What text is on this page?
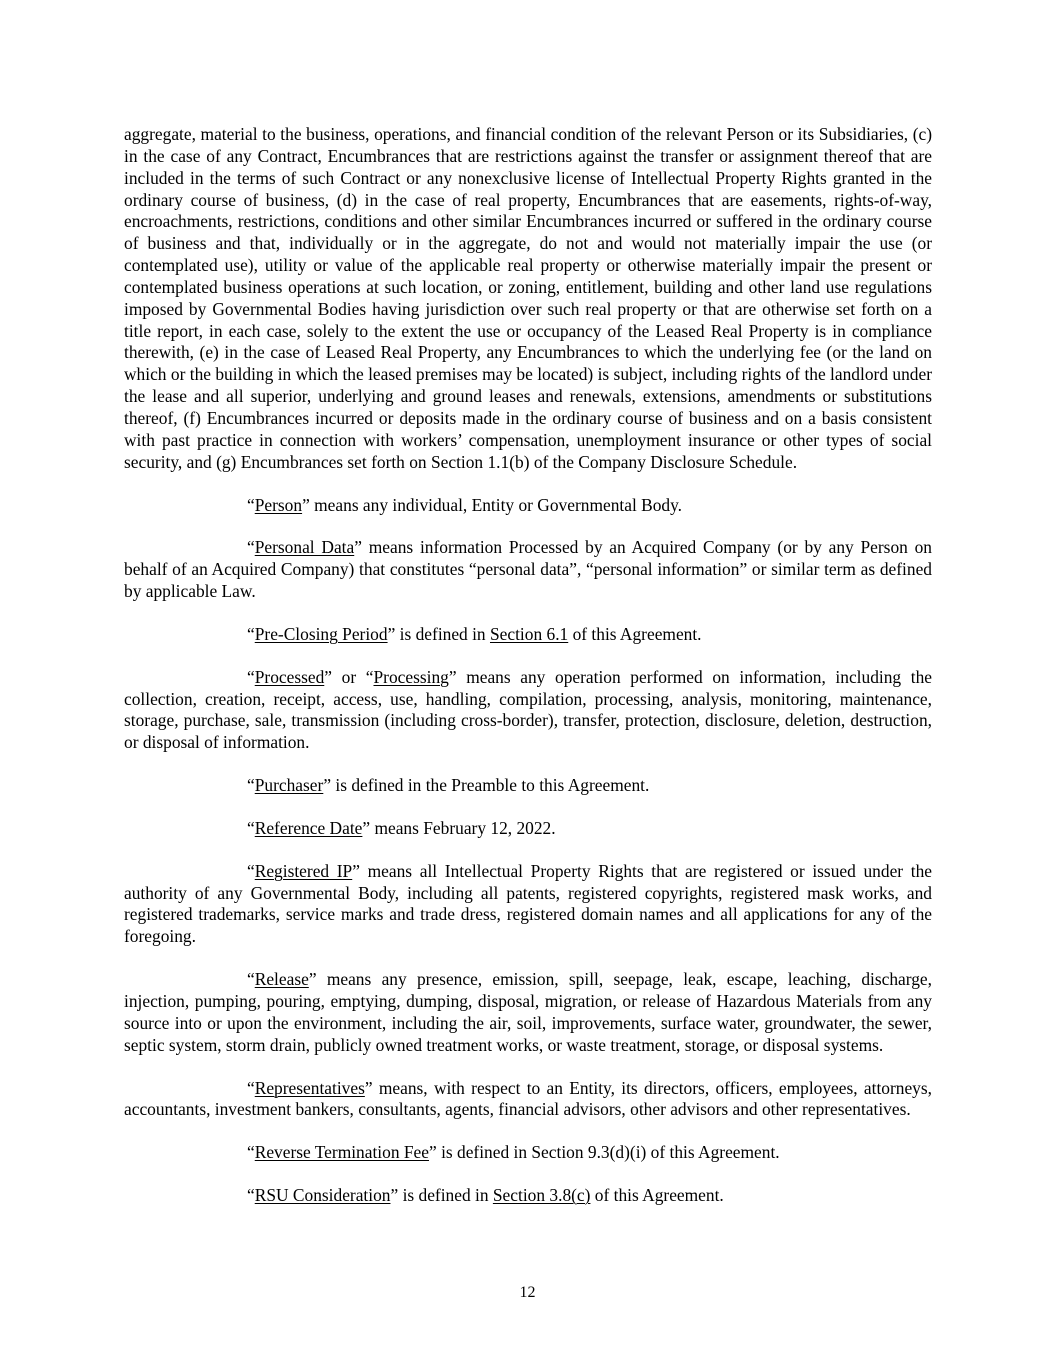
aggregate, material to the business, operations, and financial condition of the relevant Person or its Subsidiaries, (c) in the case of any Contract, Encumbrances that are restrictions against the transfer or assignment thereof that are included in the terms of such Contract or any nonexclusive license of Intellectual Property Rights granted in the ordinary course of business, (d) in the case of real property, Encumbrances that are easements, rights-of-way, encroachments, restrictions, conditions and other similar Encumbrances incurred or suffered in the ordinary course of business and that, individually or in the aggregate, do not and would not materially impair the use (or contemplated use), utility or value of the applicable real property or otherwise materially impair the present or contemplated business operations at such location, or zoning, entitlement, building and other land use regulations imposed by Governmental Bodies having jurisdiction over such real property or that are otherwise set forth on a title report, in each case, solely to the extent the use or occupancy of the Leased Real Property is in compliance therewith, (e) in the case of Leased Real Property, any Encumbrances to which the underlying fee (or the land on which or the building in which the leased premises may be located) is subject, including rights of the landlord under the lease and all superior, underlying and ground leases and renewals, extensions, amendments or substitutions thereof, (f) Encumbrances incurred or deposits made in the ordinary course of business and on a basis consistent with past practice in connection with workers’ compensation, unemployment insurance or other types of social security, and (g) Encumbrances set forth on Section 1.1(b) of the Company Disclosure Schedule.

“Person” means any individual, Entity or Governmental Body.

“Personal Data” means information Processed by an Acquired Company (or by any Person on behalf of an Acquired Company) that constitutes “personal data”, “personal information” or similar term as defined by applicable Law.

“Pre-Closing Period” is defined in Section 6.1 of this Agreement.

“Processed” or “Processing” means any operation performed on information, including the collection, creation, receipt, access, use, handling, compilation, processing, analysis, monitoring, maintenance, storage, purchase, sale, transmission (including cross-border), transfer, protection, disclosure, deletion, destruction, or disposal of information.

“Purchaser” is defined in the Preamble to this Agreement.

“Reference Date” means February 12, 2022.

“Registered IP” means all Intellectual Property Rights that are registered or issued under the authority of any Governmental Body, including all patents, registered copyrights, registered mask works, and registered trademarks, service marks and trade dress, registered domain names and all applications for any of the foregoing.

“Release” means any presence, emission, spill, seepage, leak, escape, leaching, discharge, injection, pumping, pouring, emptying, dumping, disposal, migration, or release of Hazardous Materials from any source into or upon the environment, including the air, soil, improvements, surface water, groundwater, the sewer, septic system, storm drain, publicly owned treatment works, or waste treatment, storage, or disposal systems.

“Representatives” means, with respect to an Entity, its directors, officers, employees, attorneys, accountants, investment bankers, consultants, agents, financial advisors, other advisors and other representatives.

“Reverse Termination Fee” is defined in Section 9.3(d)(i) of this Agreement.

“RSU Consideration” is defined in Section 3.8(c) of this Agreement.

12
